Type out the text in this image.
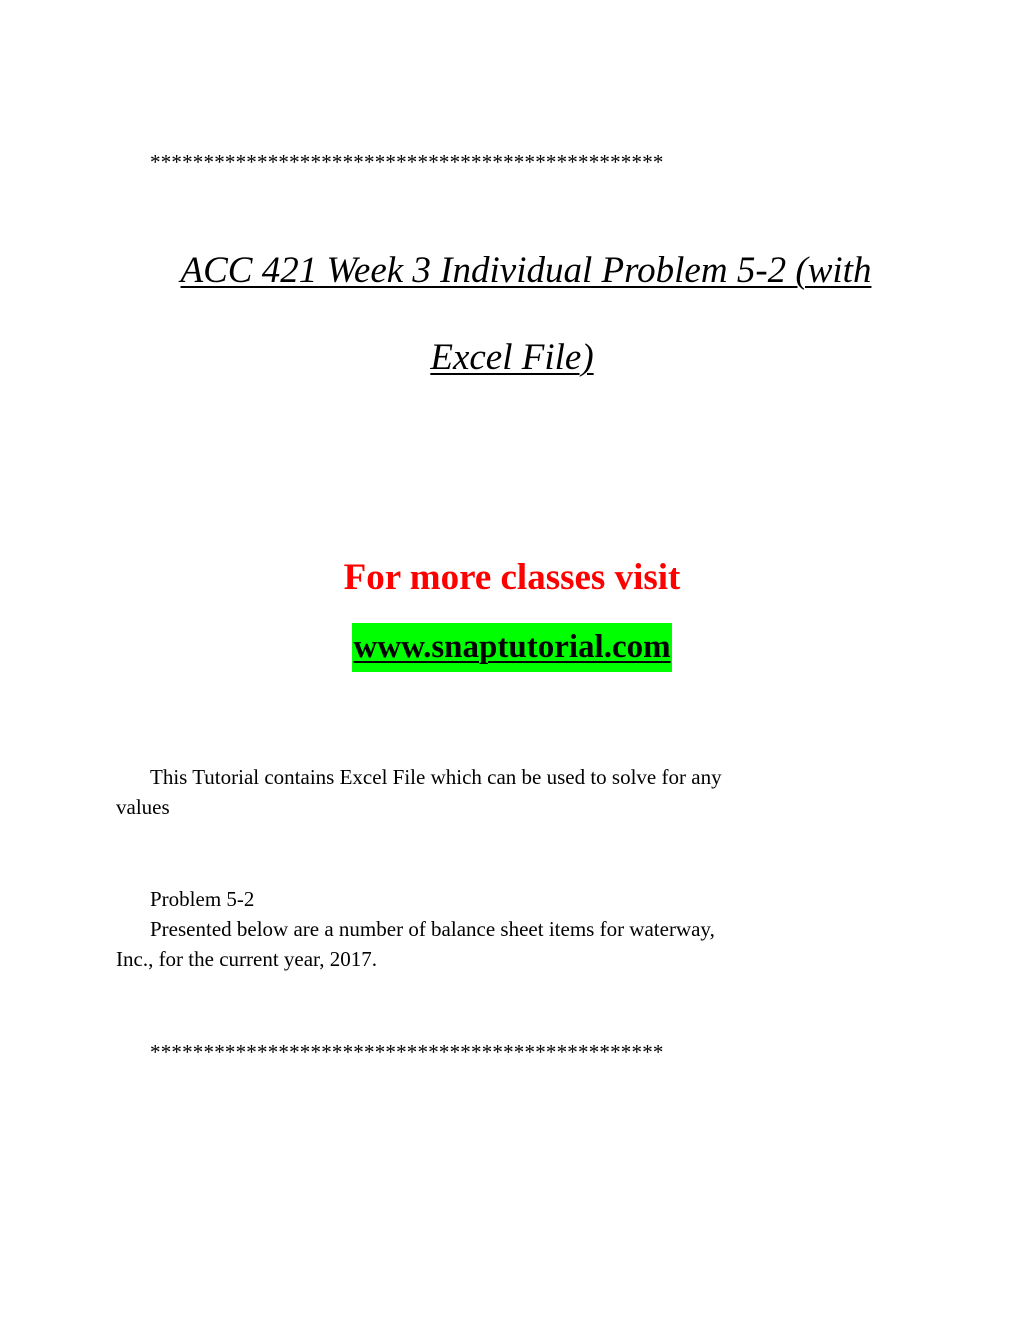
************************************************
ACC 421 Week 3 Individual Problem 5-2 (with
Excel File)
For more classes visit
www.snaptutorial.com
This Tutorial contains Excel File which can be used to solve for any
values
Problem 5-2
Presented below are a number of balance sheet items for waterway,
Inc., for the current year, 2017.
************************************************
